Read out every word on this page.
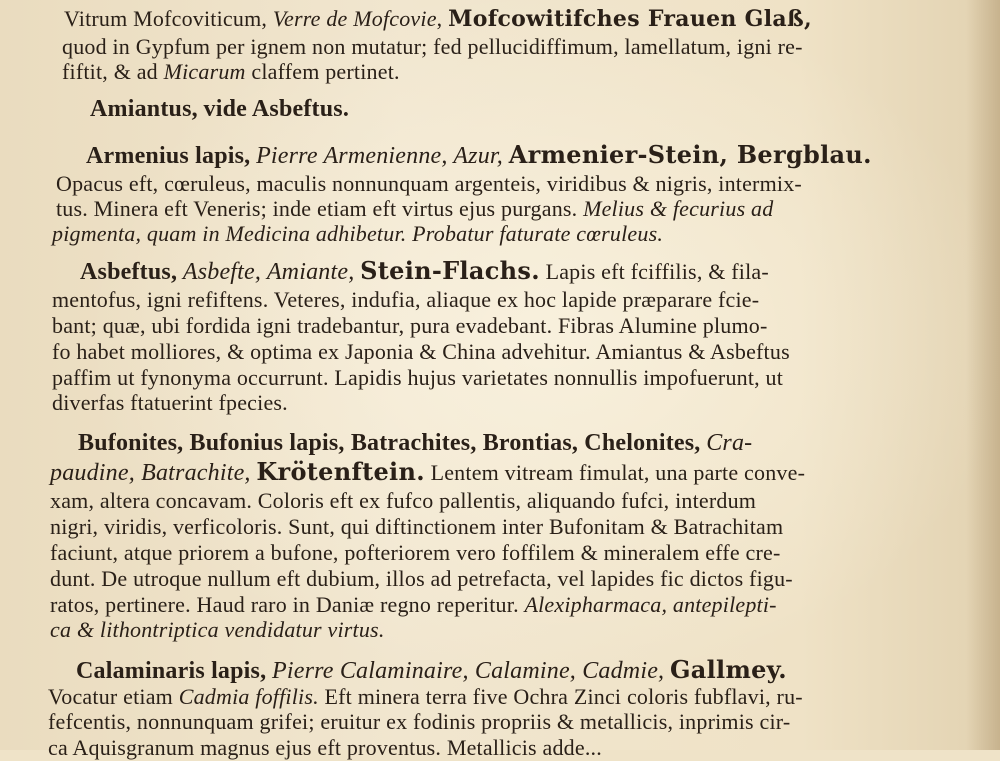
Vitrum Mofcoviticum, Verre de Mofcovie, Mofcowitifches Frauen Glaß,
quod in Gypfum per ignem non mutatur; fed pellucidiffimum, lamellatum, igni re-
fiftit, & ad Micarum claffem pertinet.
Amiantus, vide Asbeftus.
Armenius lapis, Pierre Armenienne, Azur, Armenier-Stein, Bergblau.
Opacus eft, cœruleus, maculis nonnunquam argenteis, viridibus & nigris, intermix-
tus. Minera eft Veneris; inde etiam eft virtus ejus purgans. Melius & fecurius ad
pigmenta, quam in Medicina adhibetur. Probatur faturate cœruleus.
Asbeftus, Asbefte, Amiante, Stein-Flachs. Lapis eft fciffilis, & fila-
mentofus, igni refiftens. Veteres, indufia, aliaque ex hoc lapide præparare fcie-
bant; quæ, ubi fordida igni tradebantur, pura evadebant. Fibras Alumine plumo-
fo habet molliores, & optima ex Japonia & China advehitur. Amiantus & Asbeftus
paffim ut fynonyma occurrunt. Lapidis hujus varietates nonnullis impofuerunt, ut
diverfas ftatuerint fpecies.
Bufonites, Bufonius lapis, Batrachites, Brontias, Chelonites, Cra-
paudine, Batrachite, Krötenftein. Lentem vitream fimulat, una parte conve-
xam, altera concavam. Coloris eft ex fufco pallentis, aliquando fufci, interdum
nigri, viridis, verficoloris. Sunt, qui diftinctionem inter Bufonitam & Batrachitam
faciunt, atque priorem a bufone, pofteriorem vero foffilem & mineralem effe cre-
dunt. De utroque nullum eft dubium, illos ad petrefacta, vel lapides fic dictos figu-
ratos, pertinere. Haud raro in Daniæ regno reperitur. Alexipharmaca, antepilepti-
ca & lithontriptica vendidatur virtus.
Calaminaris lapis, Pierre Calaminaire, Calamine, Cadmie, Gallmey.
Vocatur etiam Cadmia foffilis. Eft minera terra five Ochra Zinci coloris fubflavi, ru-
fefcentis, nonnunquam grifei; eruitur ex fodinis propriis & metallicis, inprimis cir-
ca Aquisgranum magnus ejus eft proventus. Metallicis adde...
